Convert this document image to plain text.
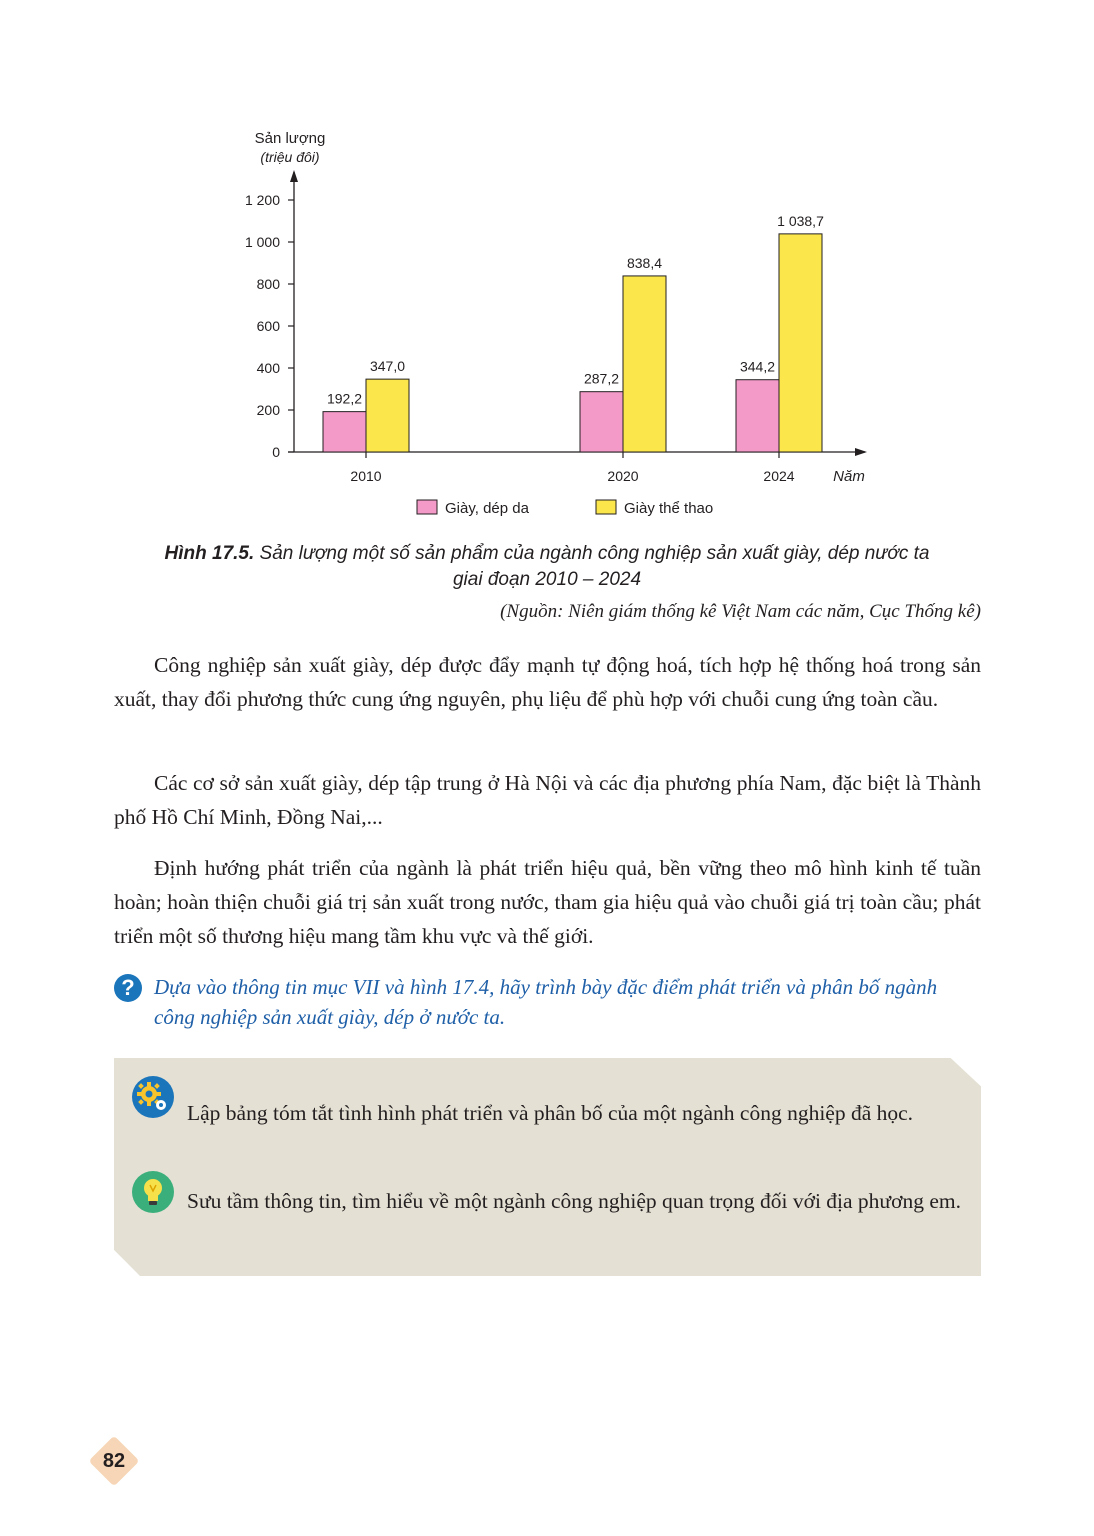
0
200
400
600
800
1 000
1 200
Sản lượng
(triệu đôi)
Năm
2010	2020	2024
192,2
347,0
287,2
838,4
344,2
1 038,7
Giày, dép da	Giày thể thao
Hình 17.5. Sản lượng một số sản phẩm của ngành công nghiệp sản xuất giày, dép nước ta giai đoạn 2010 – 2024
(Nguồn: Niên giám thống kê Việt Nam các năm, Cục Thống kê)

Công nghiệp sản xuất giày, dép được đẩy mạnh tự động hoá, tích hợp hệ thống hoá trong sản xuất, thay đổi phương thức cung ứng nguyên, phụ liệu để phù hợp với chuỗi cung ứng toàn cầu.

Các cơ sở sản xuất giày, dép tập trung ở Hà Nội và các địa phương phía Nam, đặc biệt là Thành phố Hồ Chí Minh, Đồng Nai,...

Định hướng phát triển của ngành là phát triển hiệu quả, bền vững theo mô hình kinh tế tuần hoàn; hoàn thiện chuỗi giá trị sản xuất trong nước, tham gia hiệu quả vào chuỗi giá trị toàn cầu; phát triển một số thương hiệu mang tầm khu vực và thế giới.

? Dựa vào thông tin mục VII và hình 17.4, hãy trình bày đặc điểm phát triển và phân bố ngành công nghiệp sản xuất giày, dép ở nước ta.
Lập bảng tóm tắt tình hình phát triển và phân bố của một ngành công nghiệp đã học.
Sưu tầm thông tin, tìm hiểu về một ngành công nghiệp quan trọng đối với địa phương em.
82
